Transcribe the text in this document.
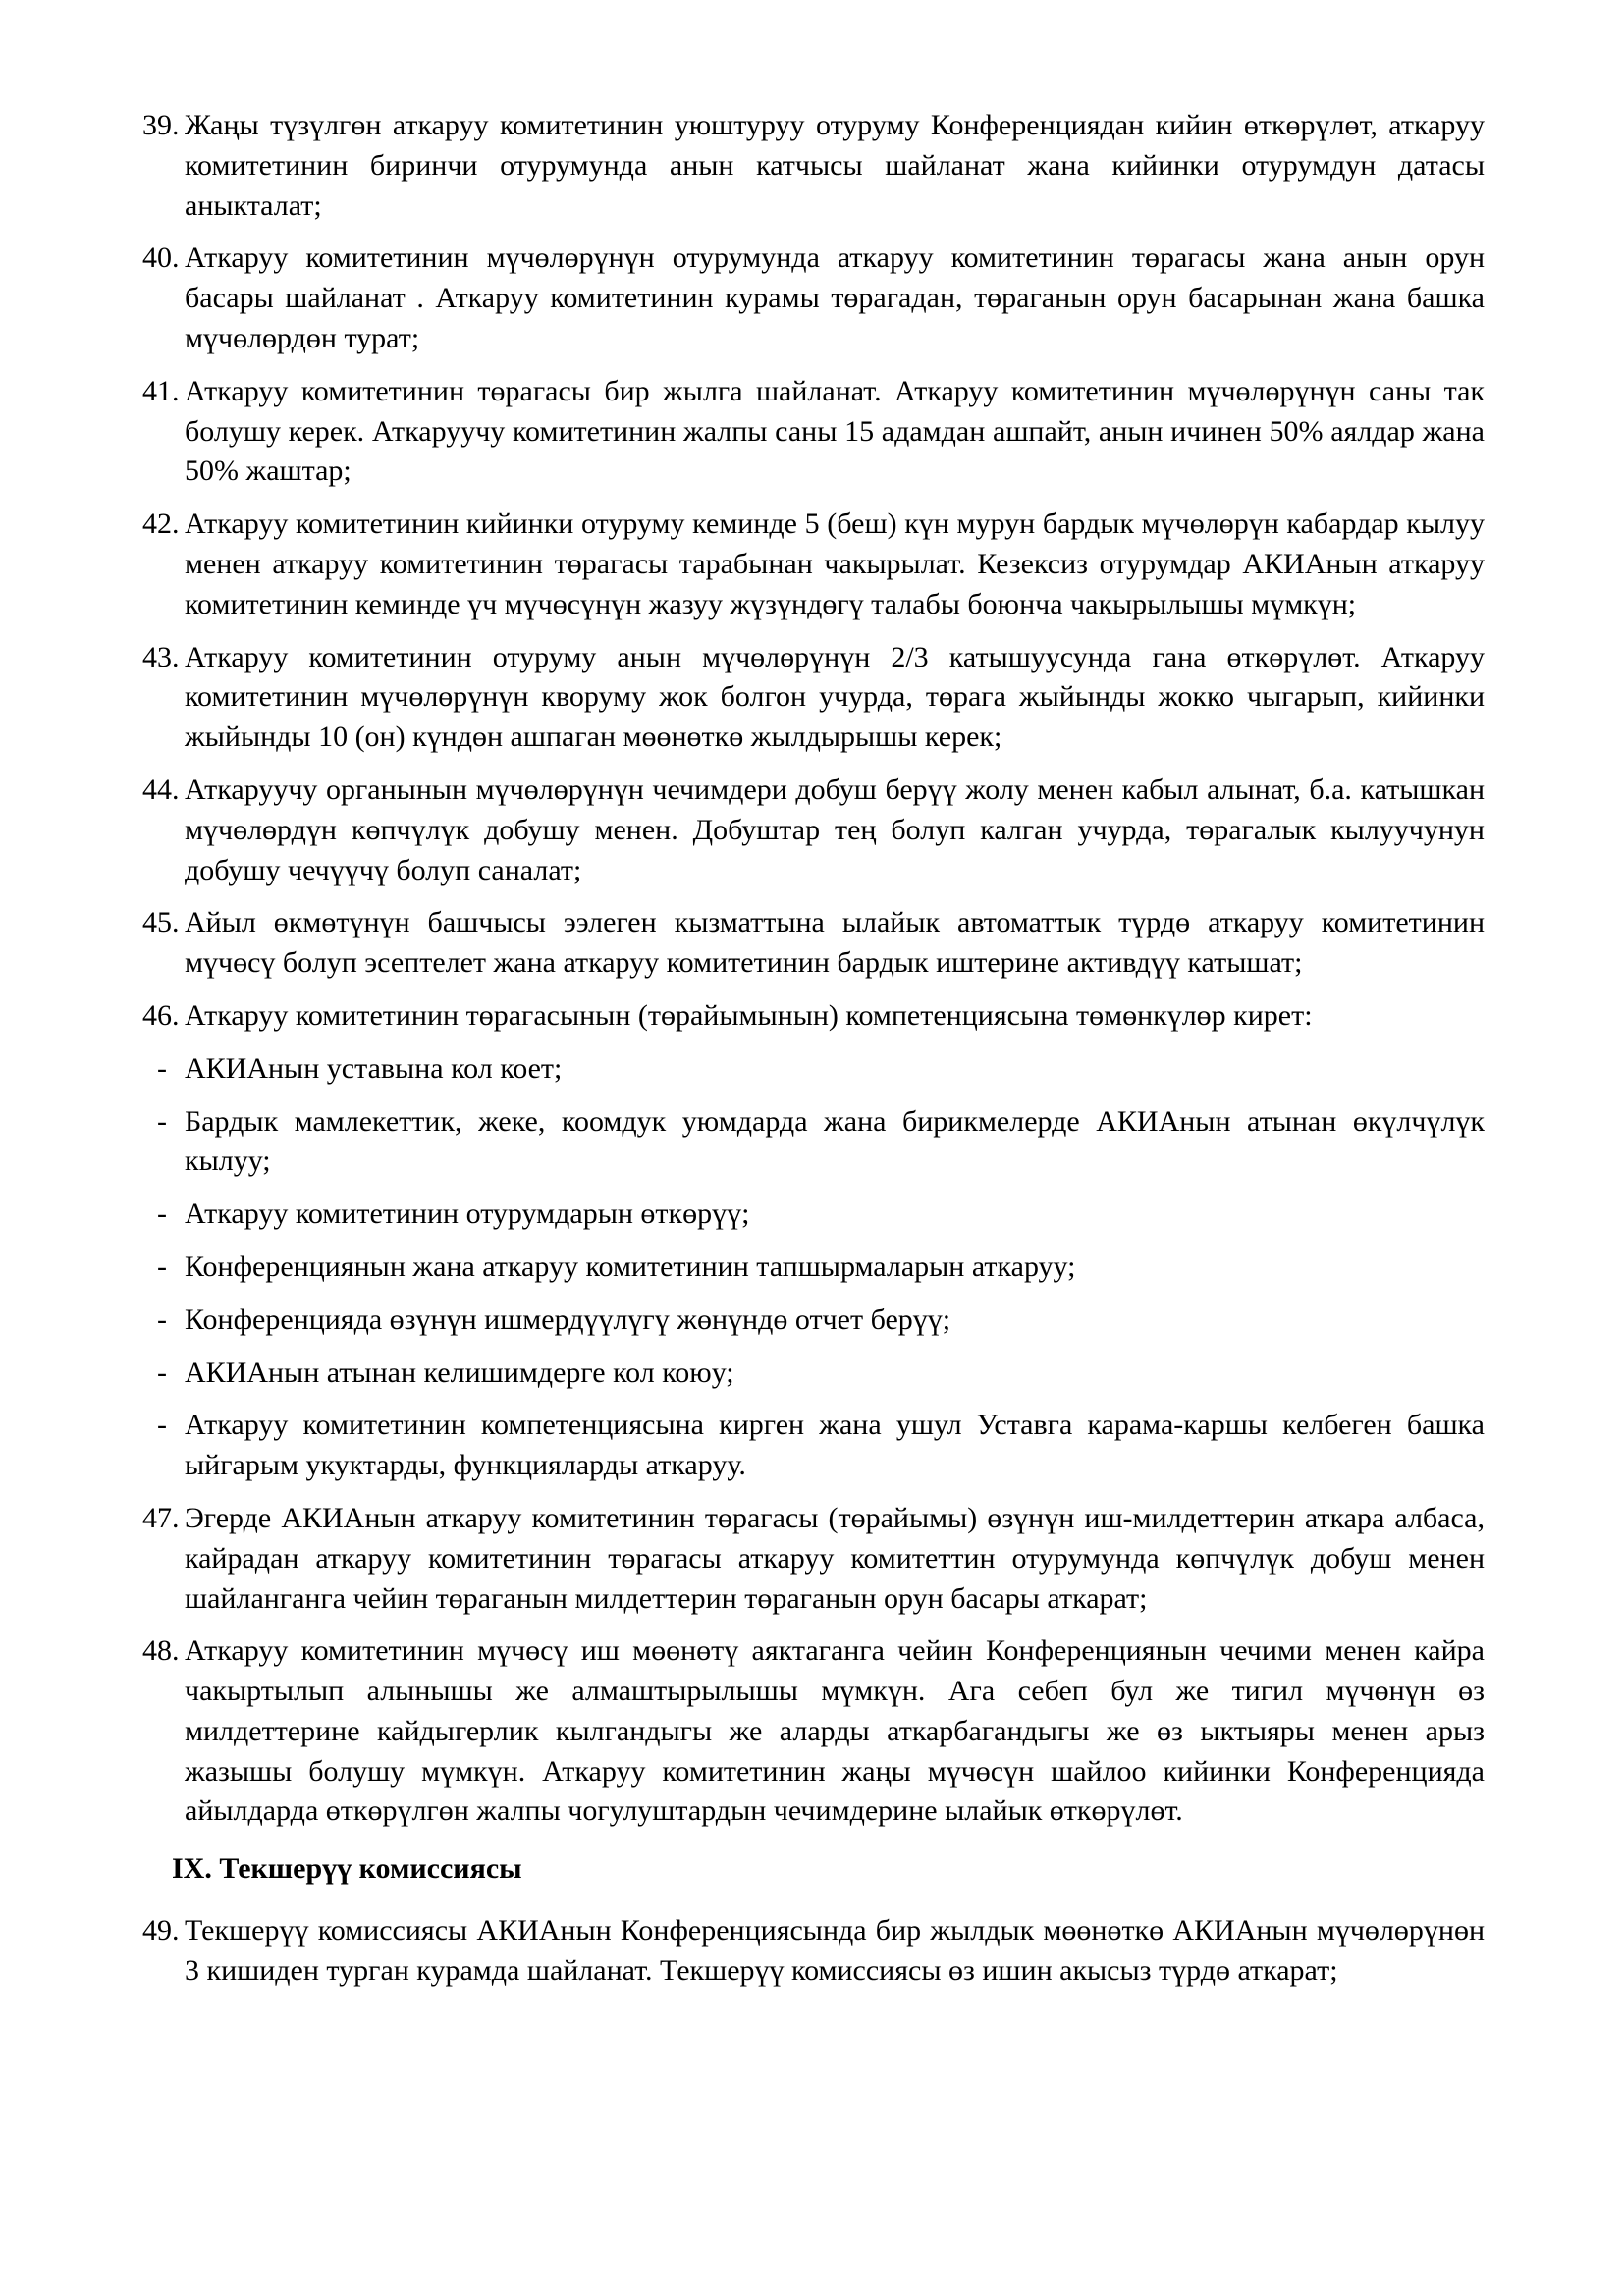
39. Жаңы түзүлгөн аткаруу комитетинин уюштуруу отуруму Конференциядан кийин өткөрүлөт, аткаруу комитетинин биринчи отурумунда анын катчысы шайланат жана кийинки отурумдун датасы аныкталат;
40. Аткаруу комитетинин мүчөлөрүнүн отурумунда аткаруу комитетинин төрагасы жана анын орун басары шайланат . Аткаруу комитетинин курамы төрагадан, төраганын орун басарынан жана башка мүчөлөрдөн турат;
41. Аткаруу комитетинин төрагасы бир жылга шайланат. Аткаруу комитетинин мүчөлөрүнүн саны так болушу керек. Аткаруучу комитетинин жалпы саны 15 адамдан ашпайт, анын ичинен 50% аялдар жана 50% жаштар;
42. Аткаруу комитетинин кийинки отуруму кеминде 5 (беш) күн мурун бардык мүчөлөрүн кабардар кылуу менен аткаруу комитетинин төрагасы тарабынан чакырылат. Кезексиз отурумдар АКИАнын аткаруу комитетинин кеминде үч мүчөсүнүн жазуу жүзүндөгү талабы боюнча чакырылышы мүмкүн;
43. Аткаруу комитетинин отуруму анын мүчөлөрүнүн 2/3 катышуусунда гана өткөрүлөт. Аткаруу комитетинин мүчөлөрүнүн кворуму жок болгон учурда, төрага жыйынды жокко чыгарып, кийинки жыйынды 10 (он) күндөн ашпаган мөөнөткө жылдырышы керек;
44. Аткаруучу органынын мүчөлөрүнүн чечимдери добуш берүү жолу менен кабыл алынат, б.а. катышкан мүчөлөрдүн көпчүлүк добушу менен. Добуштар тең болуп калган учурда, төрагалык кылуучунун добушу чечүүчү болуп саналат;
45. Айыл өкмөтүнүн башчысы ээлеген кызматтына ылайык автоматтык түрдө аткаруу комитетинин мүчөсү болуп эсептелет жана аткаруу комитетинин бардык иштерине активдүү катышат;
46. Аткаруу комитетинин төрагасынын (төрайымынын) компетенциясына төмөнкүлөр кирет:
- АКИАнын уставына кол коет;
- Бардык мамлекеттик, жеке, коомдук уюмдарда жана бирикмелерде АКИАнын атынан өкүлчүлүк кылуу;
- Аткаруу комитетинин отурумдарын өткөрүү;
- Конференциянын жана аткаруу комитетинин тапшырмаларын аткаруу;
- Конференцияда өзүнүн ишмердүүлүгү жөнүндө отчет берүү;
- АКИАнын атынан келишимдерге кол коюу;
- Аткаруу комитетинин компетенциясына кирген жана ушул Уставга карама-каршы келбеген башка ыйгарым укуктарды, функцияларды аткаруу.
47. Эгерде АКИАнын аткаруу комитетинин төрагасы (төрайымы) өзүнүн иш-милдеттерин аткара албаса, кайрадан аткаруу комитетинин төрагасы аткаруу комитеттин отурумунда көпчүлүк добуш менен шайланганга чейин төраганын милдеттерин төраганын орун басары аткарат;
48. Аткаруу комитетинин мүчөсү иш мөөнөтү аяктаганга чейин Конференциянын чечими менен кайра чакыртылып алынышы же алмаштырылышы мүмкүн. Ага себеп бул же тигил мүчөнүн өз милдеттерине кайдыгерлик кылгандыгы же аларды аткарбагандыгы же өз ыктыяры менен арыз жазышы болушу мүмкүн. Аткаруу комитетинин жаңы мүчөсүн шайлоо кийинки Конференцияда айылдарда өткөрүлгөн жалпы чогулуштардын чечимдерине ылайык өткөрүлөт.
IX. Текшерүү комиссиясы
49. Текшерүү комиссиясы АКИАнын Конференциясында бир жылдык мөөнөткө АКИАнын мүчөлөрүнөн 3 кишиден турган курамда шайланат. Текшерүү комиссиясы өз ишин акысыз түрдө аткарат;
